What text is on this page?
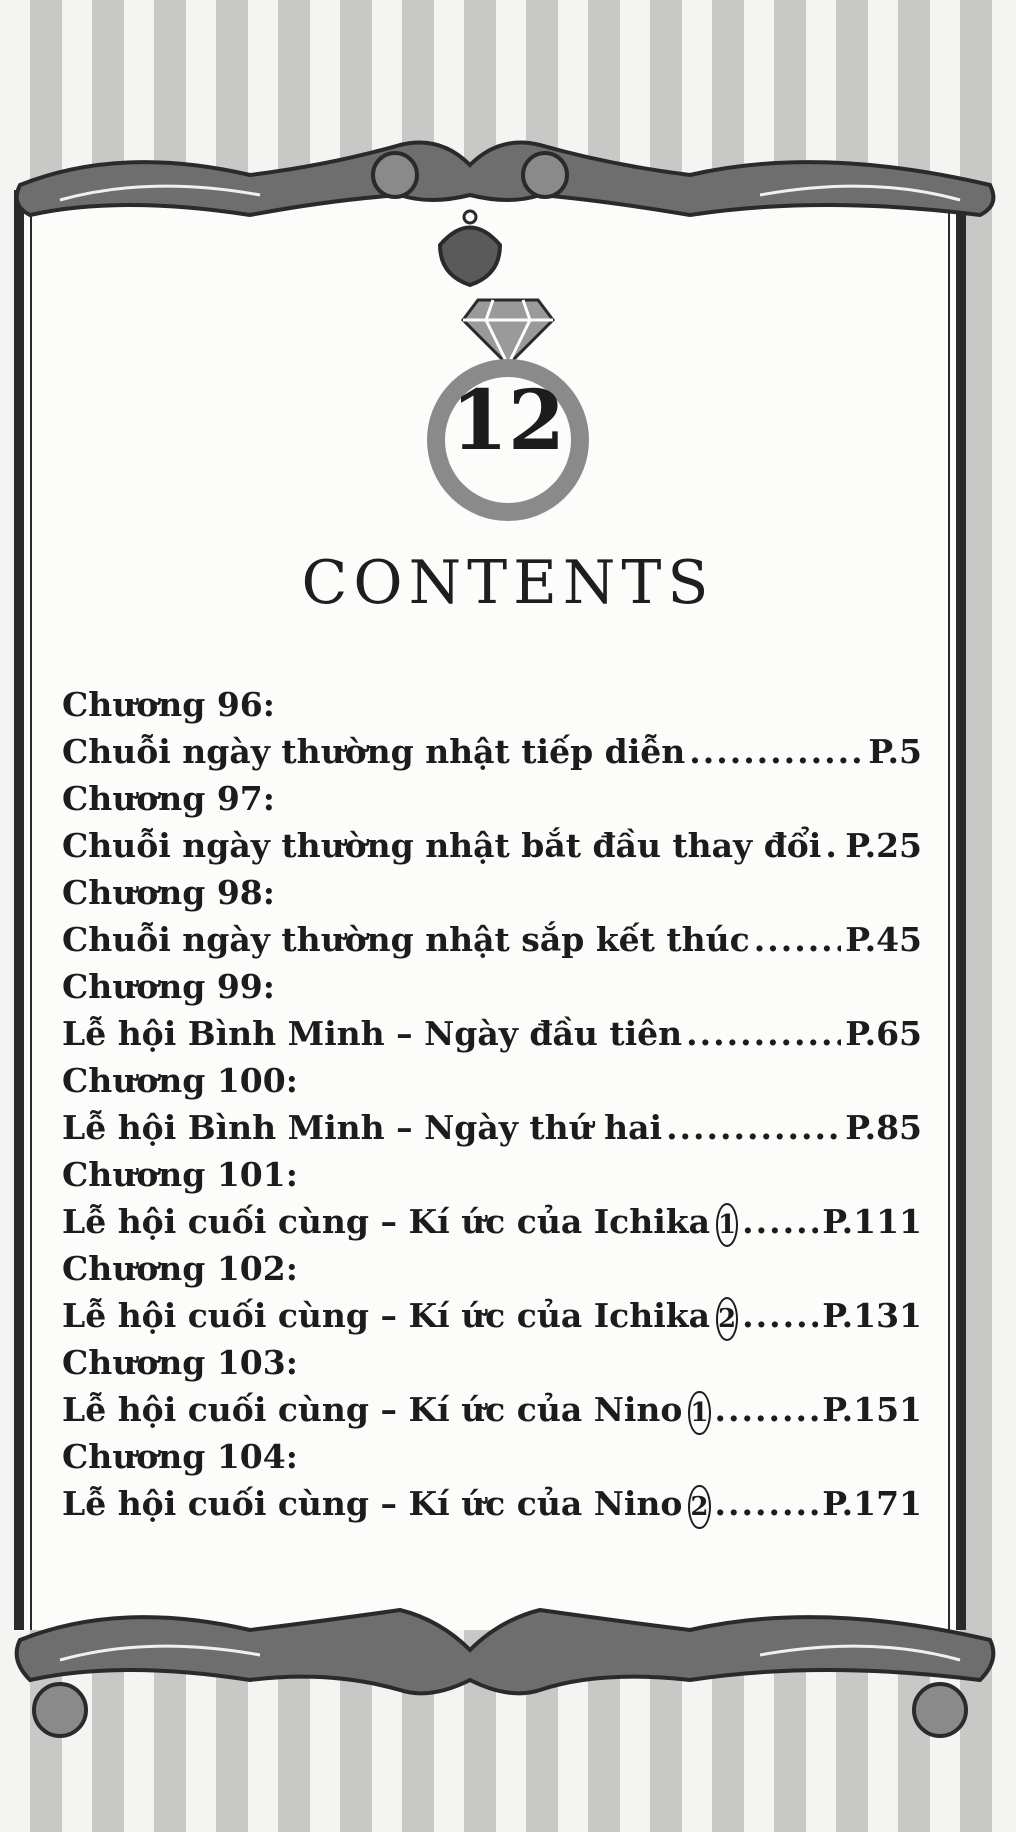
12
CONTENTS
Chương 96:
Chuỗi ngày thường nhật tiếp diễn .....	P.5
Chương 97:
Chuỗi ngày thường nhật bắt đầu thay đổi ..... P.25
Chương 98:
Chuỗi ngày thường nhật sắp kết thúc .....	P.45
Chương 99:
Lễ hội Bình Minh – Ngày đầu tiên .....	P.65
Chương 100:
Lễ hội Bình Minh – Ngày thứ hai .....	P.85
Chương 101:
Lễ hội cuối cùng – Kí ức của Ichika 1 .....	P.111
Chương 102:
Lễ hội cuối cùng – Kí ức của Ichika 2 .....	P.131
Chương 103:
Lễ hội cuối cùng – Kí ức của Nino 1 .....	P.151
Chương 104:
Lễ hội cuối cùng – Kí ức của Nino 2 .....	P.171
